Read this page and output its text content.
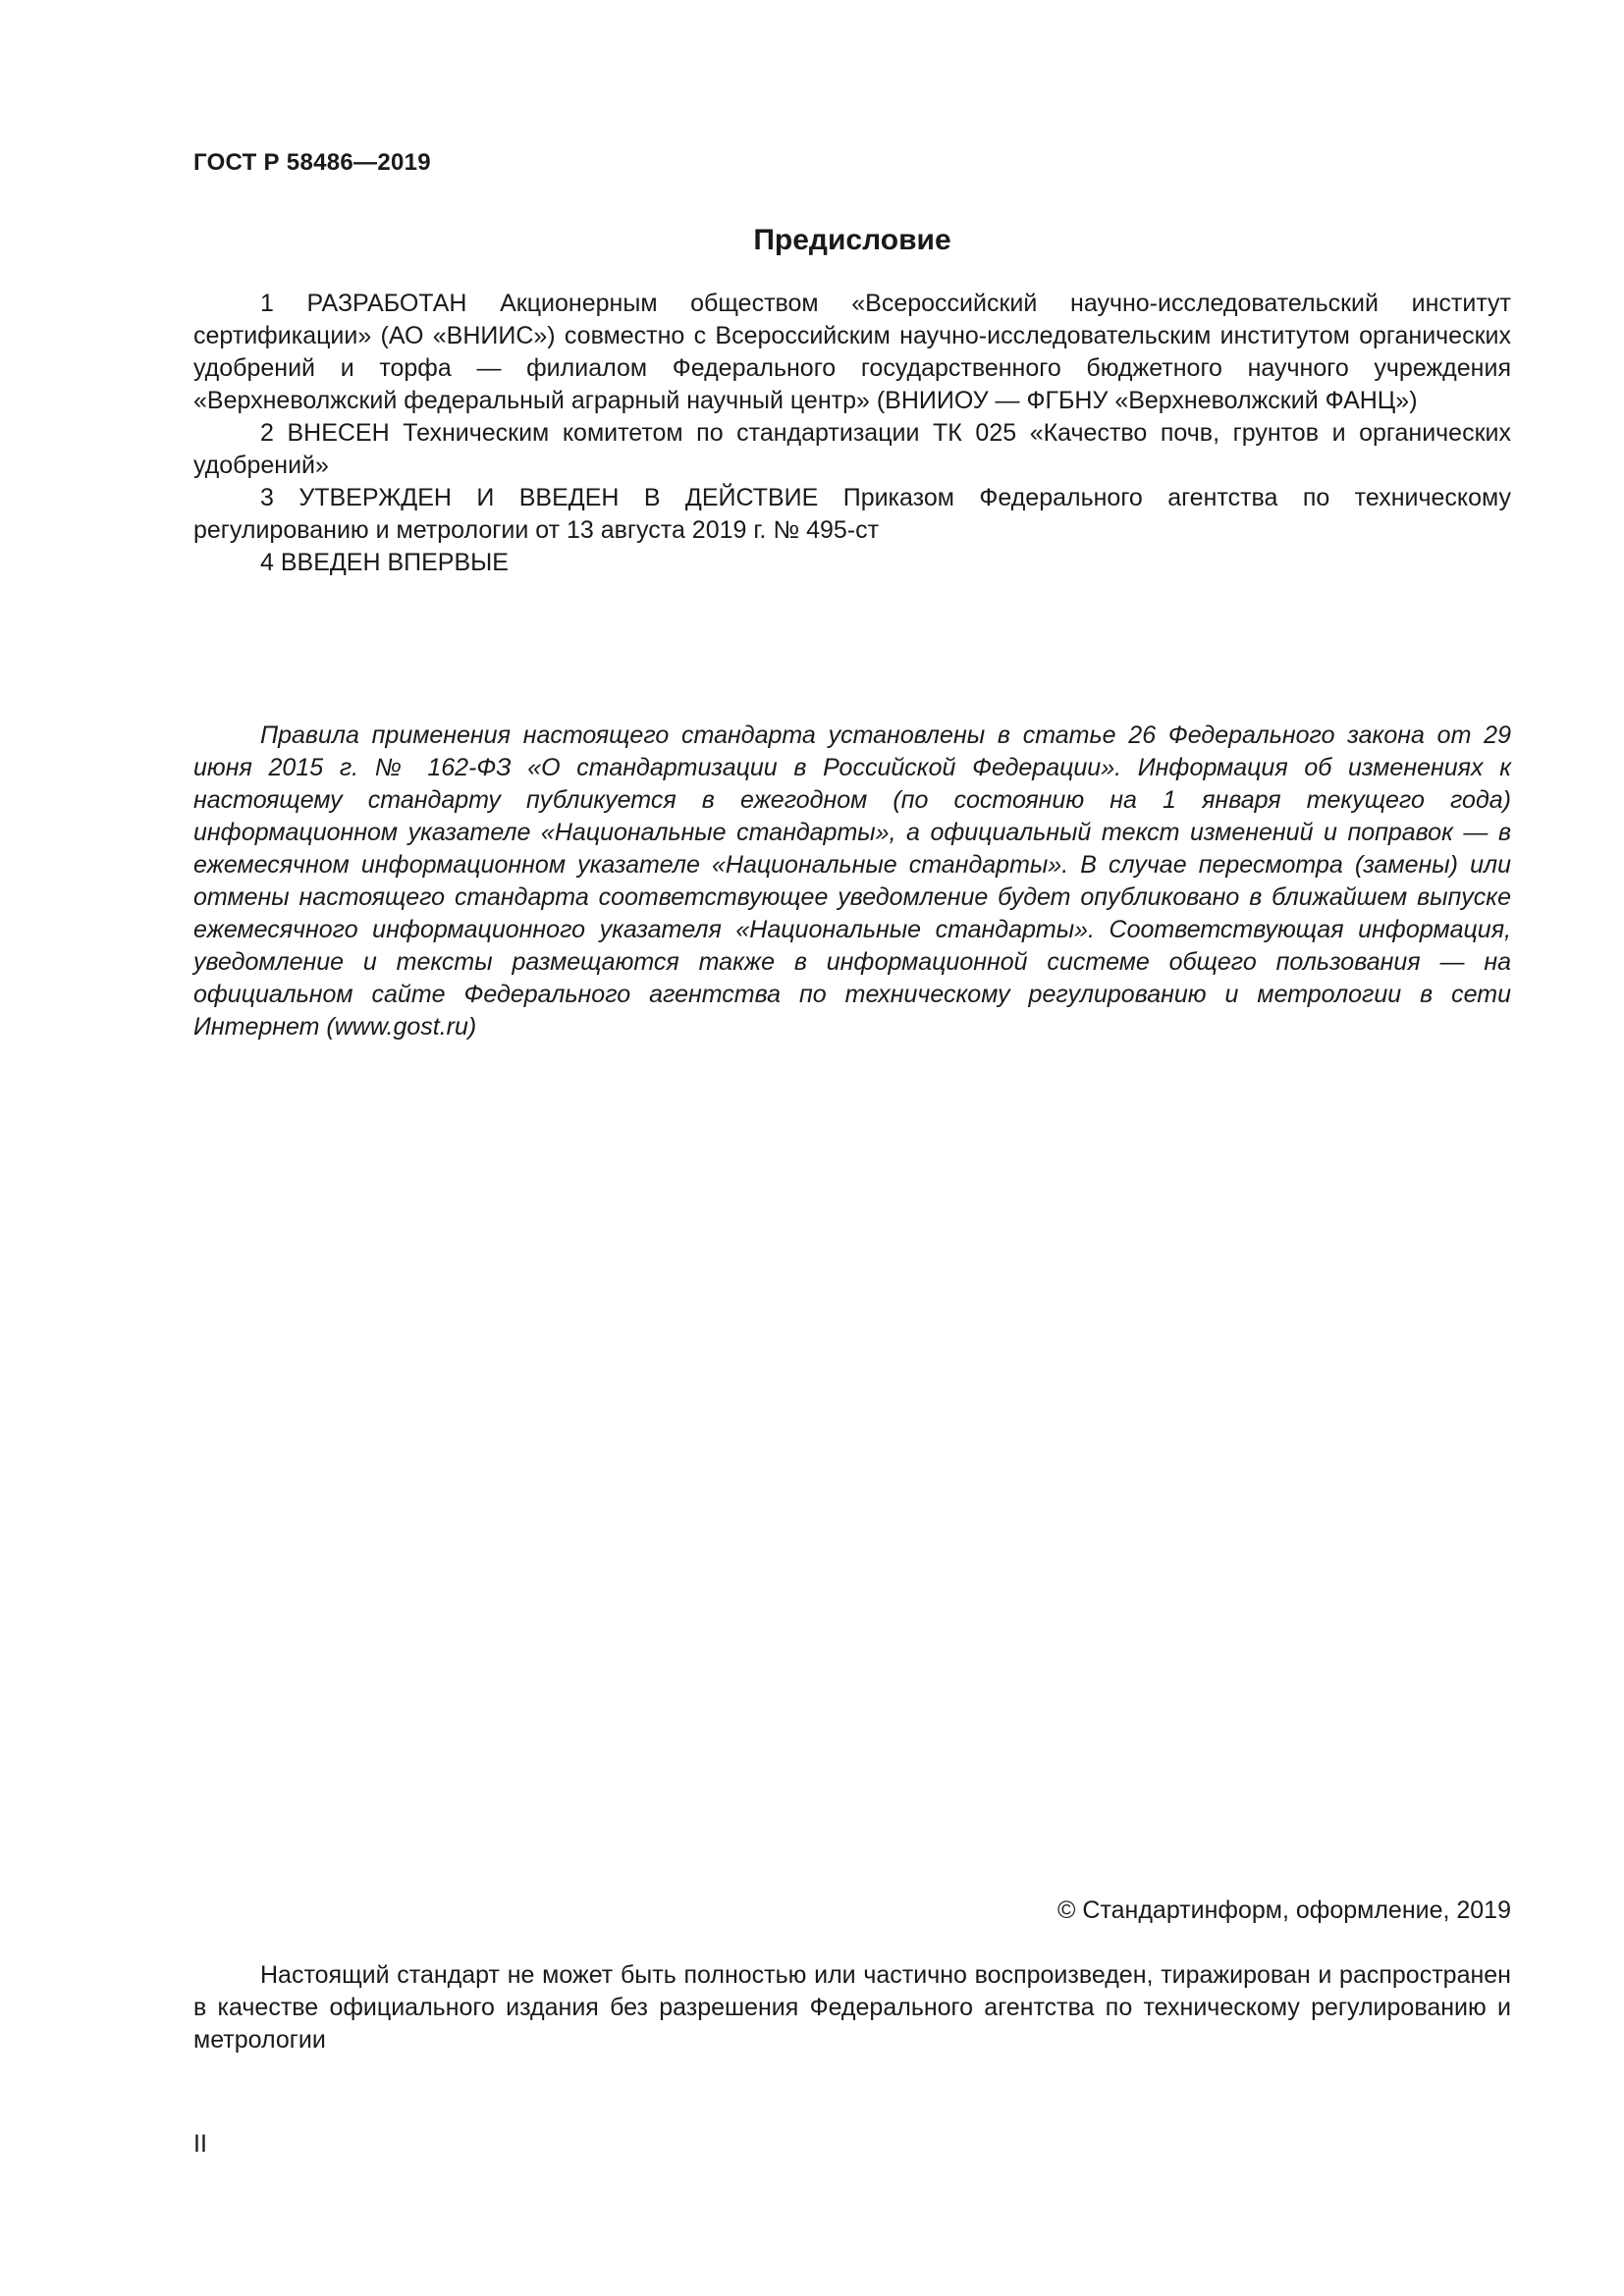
ГОСТ Р 58486—2019
Предисловие

1 РАЗРАБОТАН Акционерным обществом «Всероссийский научно-исследовательский институт сертификации» (АО «ВНИИС») совместно с Всероссийским научно-исследовательским институтом органических удобрений и торфа — филиалом Федерального государственного бюджетного научного учреждения «Верхневолжский федеральный аграрный научный центр» (ВНИИОУ — ФГБНУ «Верхневолжский ФАНЦ»)

2 ВНЕСЕН Техническим комитетом по стандартизации ТК 025 «Качество почв, грунтов и органических удобрений»

3 УТВЕРЖДЕН И ВВЕДЕН В ДЕЙСТВИЕ Приказом Федерального агентства по техническому регулированию и метрологии от 13 августа 2019 г. № 495-ст

4 ВВЕДЕН ВПЕРВЫЕ

Правила применения настоящего стандарта установлены в статье 26 Федерального закона от 29 июня 2015 г. № 162-ФЗ «О стандартизации в Российской Федерации». Информация об изменениях к настоящему стандарту публикуется в ежегодном (по состоянию на 1 января текущего года) информационном указателе «Национальные стандарты», а официальный текст изменений и поправок — в ежемесячном информационном указателе «Национальные стандарты». В случае пересмотра (замены) или отмены настоящего стандарта соответствующее уведомление будет опубликовано в ближайшем выпуске ежемесячного информационного указателя «Национальные стандарты». Соответствующая информация, уведомление и тексты размещаются также в информационной системе общего пользования — на официальном сайте Федерального агентства по техническому регулированию и метрологии в сети Интернет (www.gost.ru)

© Стандартинформ, оформление, 2019

Настоящий стандарт не может быть полностью или частично воспроизведен, тиражирован и распространен в качестве официального издания без разрешения Федерального агентства по техническому регулированию и метрологии

II
